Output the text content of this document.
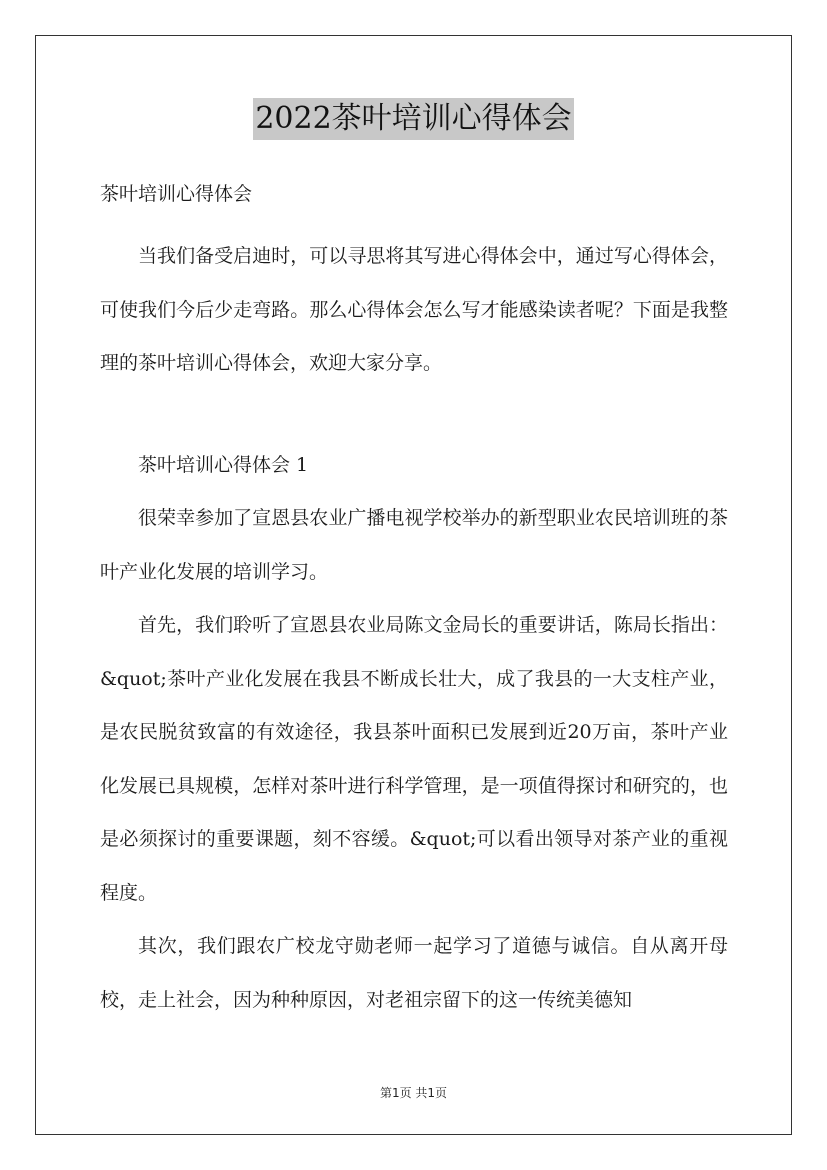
2022茶叶培训心得体会

茶叶培训心得体会

当我们备受启迪时，可以寻思将其写进心得体会中，通过写心得体会，可使我们今后少走弯路。那么心得体会怎么写才能感染读者呢？下面是我整理的茶叶培训心得体会，欢迎大家分享。

茶叶培训心得体会 1

很荣幸参加了宣恩县农业广播电视学校举办的新型职业农民培训班的茶叶产业化发展的培训学习。

首先，我们聆听了宣恩县农业局陈文金局长的重要讲话，陈局长指出：&quot;茶叶产业化发展在我县不断成长壮大，成了我县的一大支柱产业，是农民脱贫致富的有效途径，我县茶叶面积已发展到近20万亩，茶叶产业化发展已具规模，怎样对茶叶进行科学管理，是一项值得探讨和研究的，也是必须探讨的重要课题，刻不容缓。&quot;可以看出领导对茶产业的重视程度。

其次，我们跟农广校龙守勋老师一起学习了道德与诚信。自从离开母校，走上社会，因为种种原因，对老祖宗留下的这一传统美德知

第1页 共1页
